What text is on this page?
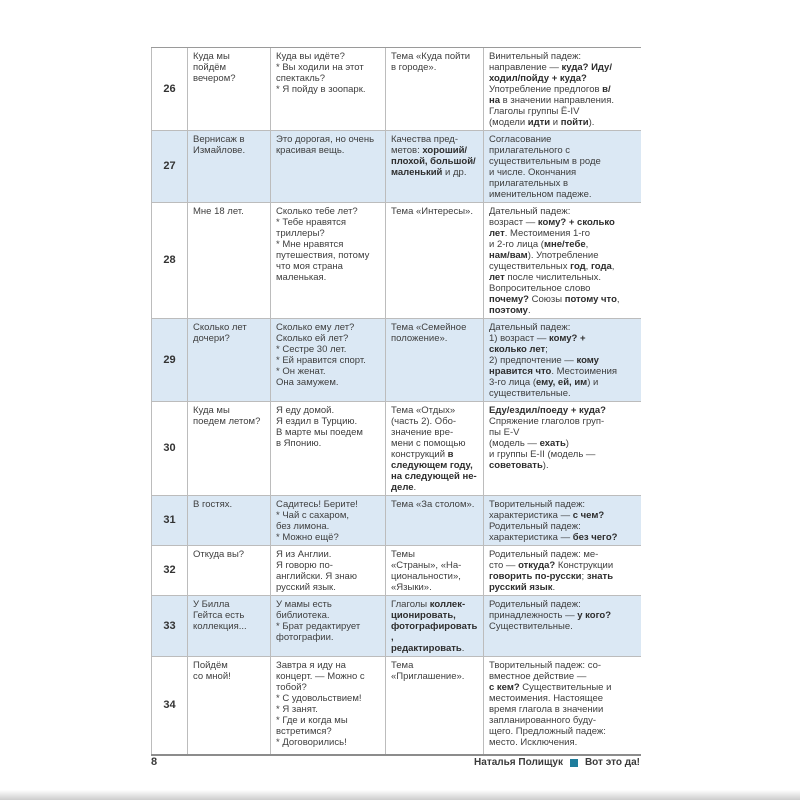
26	Куда мы
пойдём
вечером?	Куда вы идёте?
* Вы ходили на этот
спектакль?
* Я пойду в зоопарк.	Тема «Куда пойти
в городе».	Винительный падеж:
направление — куда? Иду/
ходил/пойду + куда?
Употребление предлогов в/
на в значении направления.
Глаголы группы Ё-IV
(модели идти и пойти).
27	Вернисаж в
Измайлове.	Это дорогая, но очень
красивая вещь.	Качества пред-
метов: хороший/
плохой, большой/
маленький и др.	Согласование
прилагательного с
существительным в роде
и числе. Окончания
прилагательных в
именительном падеже.
28	Мне 18 лет.	Сколько тебе лет?
* Тебе нравятся
триллеры?
* Мне нравятся
путешествия, потому
что моя страна
маленькая.	Тема «Интересы».	Дательный падеж:
возраст — кому? + сколько
лет. Местоимения 1-го
и 2-го лица (мне/тебе,
нам/вам). Употребление
существительных год, года,
лет после числительных.
Вопросительное слово
почему? Союзы потому что,
поэтому.
29	Сколько лет
дочери?	Сколько ему лет?
Сколько ей лет?
* Сестре 30 лет.
* Ей нравится спорт.
* Он женат.
Она замужем.	Тема «Семейное
положение».	Дательный падеж:
1) возраст — кому? +
сколько лет;
2) предпочтение — кому
нравится что. Местоимения
3-го лица (ему, ей, им) и
существительные.
30	Куда мы
поедем летом?	Я еду домой.
Я ездил в Турцию.
В марте мы поедем
в Японию.	Тема «Отдых»
(часть 2). Обо-
значение вре-
мени с помощью
конструкций в
следующем году,
на следующей не-
деле.	Еду/ездил/поеду + куда?
Спряжение глаголов груп-
пы Е-V
(модель — ехать)
и группы Е-II (модель —
советовать).
31	В гостях.	Садитесь! Берите!
* Чай с сахаром,
без лимона.
* Можно ещё?	Тема «За столом».	Творительный падеж:
характеристика — с чем?
Родительный падеж:
характеристика — без чего?
32	Откуда вы?	Я из Англии.
Я говорю по-
английски. Я знаю
русский язык.	Темы
«Страны», «На-
циональности»,
«Языки».	Родительный падеж: ме-
сто — откуда? Конструкции
говорить по-русски; знать
русский язык.
33	У Билла
Гейтса есть
коллекция...	У мамы есть
библиотека.
* Брат редактирует
фотографии.	Глаголы коллек-
ционировать,
фотографировать,
редактировать.	Родительный падеж:
принадлежность — у кого?
Существительные.
34	Пойдём
со мной!	Завтра я иду на
концерт. — Можно с
тобой?
* С удовольствием!
* Я занят.
* Где и когда мы
встретимся?
* Договорились!	Тема
«Приглашение».	Творительный падеж: со-
вместное действие —
с кем? Существительные и
местоимения. Настоящее
время глагола в значении
запланированного буду-
щего. Предложный падеж:
место. Исключения.
8	Наталья Полищук Вот это да!
